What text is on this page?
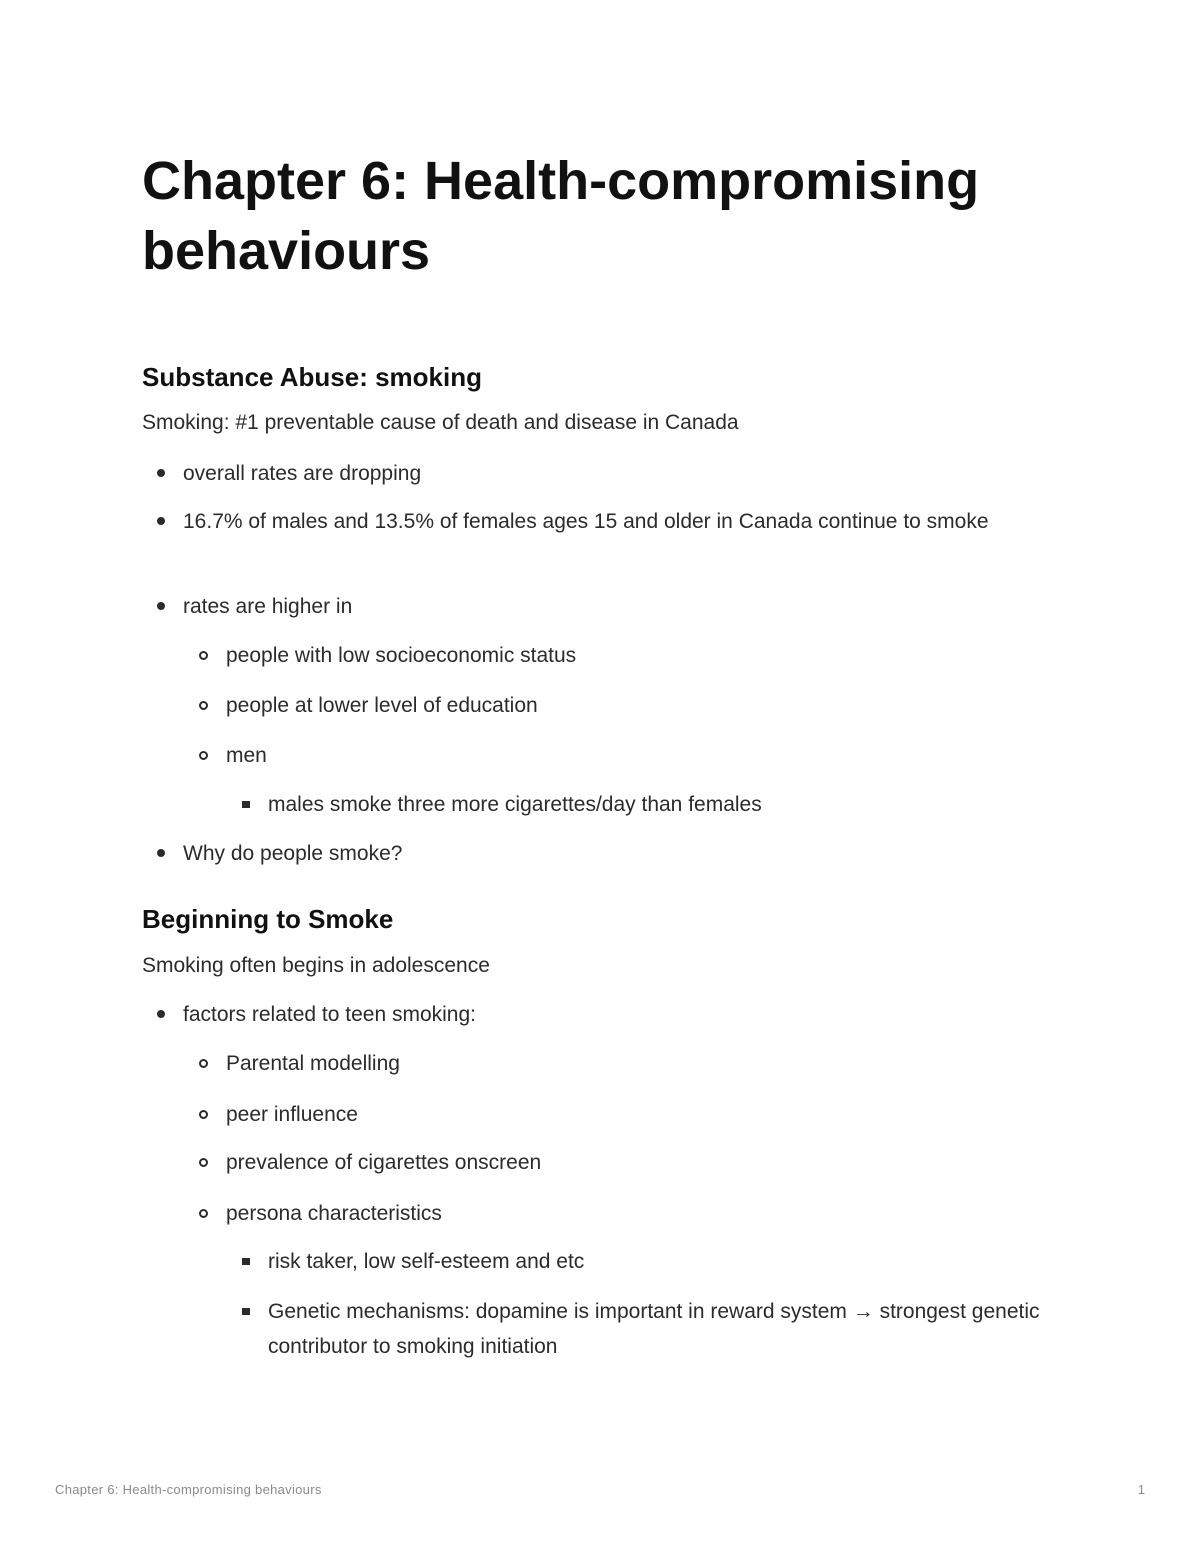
Chapter 6: Health-compromising behaviours
Substance Abuse: smoking

Smoking: #1 preventable cause of death and disease in Canada

overall rates are dropping
16.7% of males and 13.5% of females ages 15 and older in Canada continue to smoke
rates are higher in
people with low socioeconomic status
people at lower level of education
men
males smoke three more cigarettes/day than females
Why do people smoke?
Beginning to Smoke

Smoking often begins in adolescence

factors related to teen smoking:
Parental modelling
peer influence
prevalence of cigarettes onscreen
persona characteristics
risk taker, low self-esteem and etc
Genetic mechanisms: dopamine is important in reward system → strongest genetic contributor to smoking initiation
Chapter 6: Health-compromising behaviours	1
